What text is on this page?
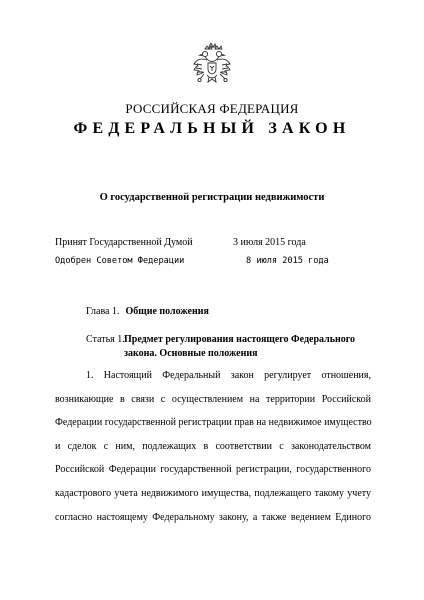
РОССИЙСКАЯ ФЕДЕРАЦИЯ
ФЕДЕРАЛЬНЫЙ ЗАКОН
О государственной регистрации недвижимости
Принят Государственной Думой	3 июля 2015 года
Одобрен Советом Федерации	8 июля 2015 года
Глава 1. Общие положения
Статья 1. Предмет регулирования настоящего Федерального
закона. Основные положения
1. Настоящий Федеральный закон регулирует отношения,
возникающие в связи с осуществлением на территории Российской
Федерации государственной регистрации прав на недвижимое имущество
и сделок с ним, подлежащих в соответствии с законодательством
Российской Федерации государственной регистрации, государственного
кадастрового учета недвижимого имущества, подлежащего такому учету
согласно настоящему Федеральному закону, а также ведением Единого
